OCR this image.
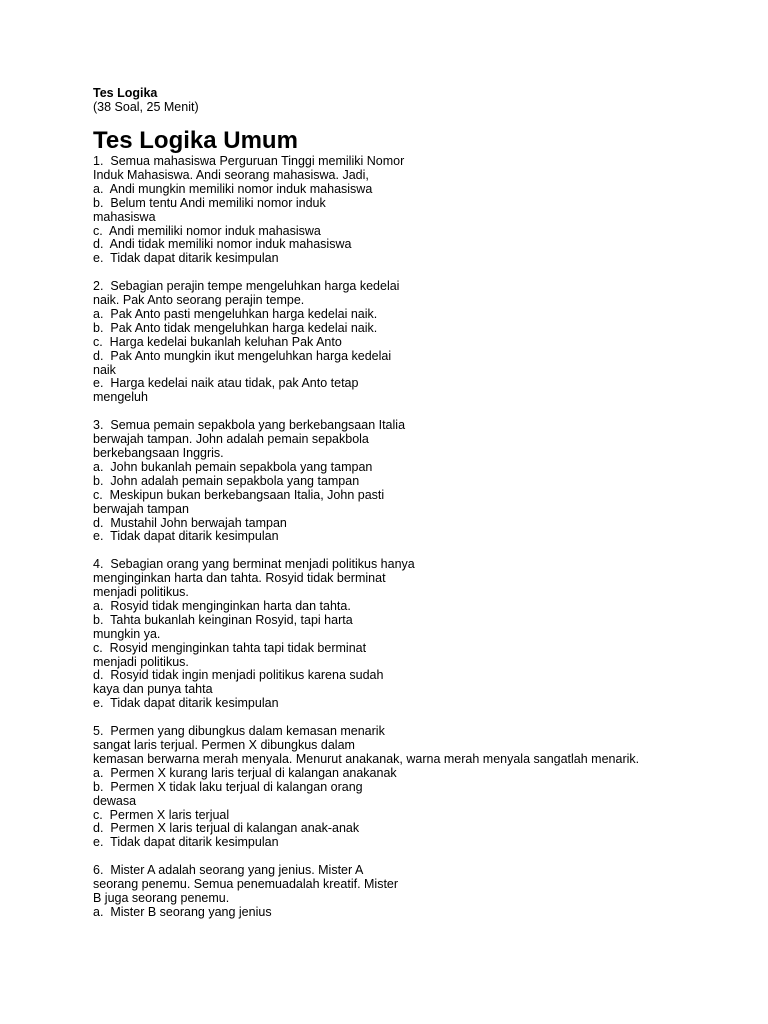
Tes Logika
(38 Soal, 25 Menit)
Tes Logika Umum
1.  Semua mahasiswa Perguruan Tinggi memiliki Nomor
Induk Mahasiswa. Andi seorang mahasiswa. Jadi,
a.  Andi mungkin memiliki nomor induk mahasiswa
b.  Belum tentu Andi memiliki nomor induk
mahasiswa
c.  Andi memiliki nomor induk mahasiswa
d.  Andi tidak memiliki nomor induk mahasiswa
e.  Tidak dapat ditarik kesimpulan
2.  Sebagian perajin tempe mengeluhkan harga kedelai
naik. Pak Anto seorang perajin tempe.
a.  Pak Anto pasti mengeluhkan harga kedelai naik.
b.  Pak Anto tidak mengeluhkan harga kedelai naik.
c.  Harga kedelai bukanlah keluhan Pak Anto
d.  Pak Anto mungkin ikut mengeluhkan harga kedelai
naik
e.  Harga kedelai naik atau tidak, pak Anto tetap
mengeluh
3.  Semua pemain sepakbola yang berkebangsaan Italia
berwajah tampan. John adalah pemain sepakbola
berkebangsaan Inggris.
a.  John bukanlah pemain sepakbola yang tampan
b.  John adalah pemain sepakbola yang tampan
c.  Meskipun bukan berkebangsaan Italia, John pasti
berwajah tampan
d.  Mustahil John berwajah tampan
e.  Tidak dapat ditarik kesimpulan
4.  Sebagian orang yang berminat menjadi politikus hanya
menginginkan harta dan tahta. Rosyid tidak berminat
menjadi politikus.
a.  Rosyid tidak menginginkan harta dan tahta.
b.  Tahta bukanlah keinginan Rosyid, tapi harta
mungkin ya.
c.  Rosyid menginginkan tahta tapi tidak berminat
menjadi politikus.
d.  Rosyid tidak ingin menjadi politikus karena sudah
kaya dan punya tahta
e.  Tidak dapat ditarik kesimpulan
5.  Permen yang dibungkus dalam kemasan menarik
sangat laris terjual. Permen X dibungkus dalam
kemasan berwarna merah menyala. Menurut anakanak, warna merah menyala sangatlah menarik.
a.  Permen X kurang laris terjual di kalangan anakanak
b.  Permen X tidak laku terjual di kalangan orang
dewasa
c.  Permen X laris terjual
d.  Permen X laris terjual di kalangan anak-anak
e.  Tidak dapat ditarik kesimpulan
6.  Mister A adalah seorang yang jenius. Mister A
seorang penemu. Semua penemuadalah kreatif. Mister
B juga seorang penemu.
a.  Mister B seorang yang jenius
